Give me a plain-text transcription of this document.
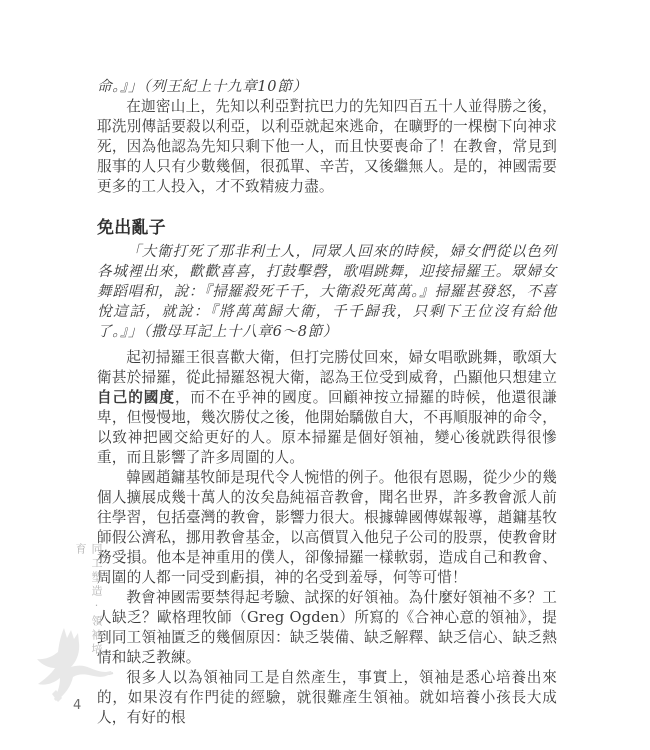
命。』」（列王紀上十九章10節）

在迦密山上，先知以利亞對抗巴力的先知四百五十人並得勝之後，耶洗別傳話要殺以利亞，以利亞就起來逃命，在曠野的一棵樹下向神求死，因為他認為先知只剩下他一人，而且快要喪命了！在教會，常見到服事的人只有少數幾個，很孤單、辛苦，又後繼無人。是的，神國需要更多的工人投入，才不致精疲力盡。

免出亂子

「大衛打死了那非利士人，同眾人回來的時候，婦女們從以色列各城裡出來，歡歡喜喜，打鼓擊磬，歌唱跳舞，迎接掃羅王。眾婦女舞蹈唱和，說：『掃羅殺死千千，大衛殺死萬萬。』掃羅甚發怒，不喜悅這話，就說：『將萬萬歸大衛，千千歸我，只剩下王位沒有給他了。』」（撒母耳記上十八章6～8節）

起初掃羅王很喜歡大衛，但打完勝仗回來，婦女唱歌跳舞，歌頌大衛甚於掃羅，從此掃羅怒視大衛，認為王位受到威脅，凸顯他只想建立自己的國度，而不在乎神的國度。回顧神按立掃羅的時候，他還很謙卑，但慢慢地，幾次勝仗之後，他開始驕傲自大，不再順服神的命令，以致神把國交給更好的人。原本掃羅是個好領袖，變心後就跌得很慘重，而且影響了許多周圍的人。

韓國趙鏞基牧師是現代令人惋惜的例子。他很有恩賜，從少少的幾個人擴展成幾十萬人的汝矣島純福音教會，聞名世界，許多教會派人前往學習，包括臺灣的教會，影響力很大。根據韓國傳媒報導，趙鏞基牧師假公濟私，挪用教會基金，以高價買入他兒子公司的股票，使教會財務受損。他本是神重用的僕人，卻像掃羅一樣軟弱，造成自己和教會、周圍的人都一同受到虧損，神的名受到羞辱，何等可惜！

教會神國需要禁得起考驗、試探的好領袖。為什麼好領袖不多？工人缺乏？歐格理牧師（Greg Ogden）所寫的《合神心意的領袖》，提到同工領袖匱乏的幾個原因：缺乏裝備、缺乏解釋、缺乏信心、缺乏熱情和缺乏教練。

很多人以為領袖同工是自然產生，事實上，領袖是悉心培養出來的，如果沒有作門徒的經驗，就很難產生領袖。就如培養小孩長大成人，有好的根

同工塑造‧領袖培育
4
